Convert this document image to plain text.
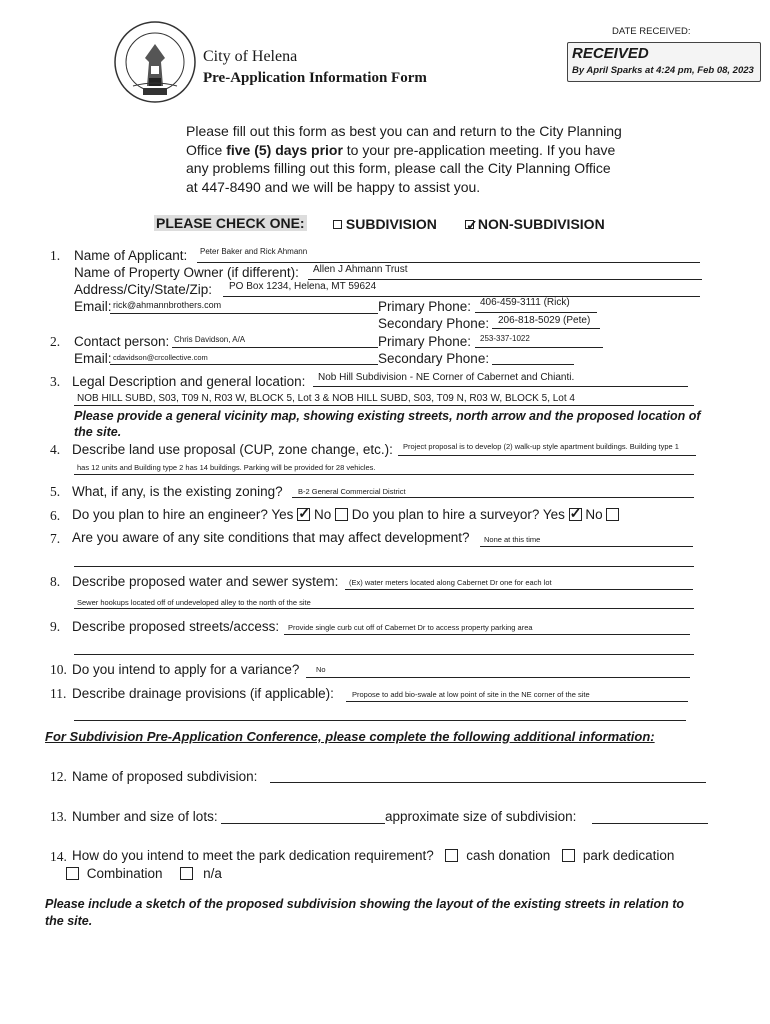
City of Helena
Pre-Application Information Form
DATE RECEIVED:
RECEIVED
By April Sparks at 4:24 pm, Feb 08, 2023
Please fill out this form as best you can and return to the City Planning
Office five (5) days prior to your pre-application meeting. If you have
any problems filling out this form, please call the City Planning Office
at 447-8490 and we will be happy to assist you.
PLEASE CHECK ONE:	SUBDIVISION ✓	NON-SUBDIVISION
1. Name of Applicant: Peter Baker and Rick Ahmann
Name of Property Owner (if different): Allen J Ahmann Trust
Address/City/State/Zip: PO Box 1234, Helena, MT 59624
Email: rick@ahmannbrothers.com	Primary Phone: 406-459-3111 (Rick)
Secondary Phone: 206-818-5029 (Pete)
2. Contact person: Chris Davidson, A/A
Email: cdavidson@crcollective.com
Primary Phone: 253-337-1022
Secondary Phone:
3. Legal Description and general location: Nob Hill Subdivision - NE Corner of Cabernet and Chianti.
NOB HILL SUBD, S03, T09 N, R03 W, BLOCK 5, Lot 3 & NOB HILL SUBD, S03, T09 N, R03 W, BLOCK 5, Lot 4
Please provide a general vicinity map, showing existing streets, north arrow and the proposed location of
the site.
4. Describe land use proposal (CUP, zone change, etc.): Project proposal is to develop (2) walk-up style apartment buildings. Building type 1
has 12 units and Building type 2 has 14 buildings. Parking will be provided for 28 vehicles.
5. What, if any, is the existing zoning? B-2 General Commercial District
6. Do you plan to hire an engineer? Yes ✓ No Do you plan to hire a surveyor? Yes ✓ No
7. Are you aware of any site conditions that may affect development? None at this time
8. Describe proposed water and sewer system: (Ex) water meters located along Cabernet Dr one for each lot
Sewer hookups located off of undeveloped alley to the north of the site
9. Describe proposed streets/access: Provide single curb cut off of Cabernet Dr to access property parking area
10. Do you intend to apply for a variance? No
11. Describe drainage provisions (if applicable): Propose to add bio-swale at low point of site in the NE corner of the site
For Subdivision Pre-Application Conference, please complete the following additional information:
12. Name of proposed subdivision:
13. Number and size of lots:	approximate size of subdivision:
14. How do you intend to meet the park dedication requirement? cash donation park dedication
Combination	n/a
Please include a sketch of the proposed subdivision showing the layout of the existing streets in relation to
the site.
